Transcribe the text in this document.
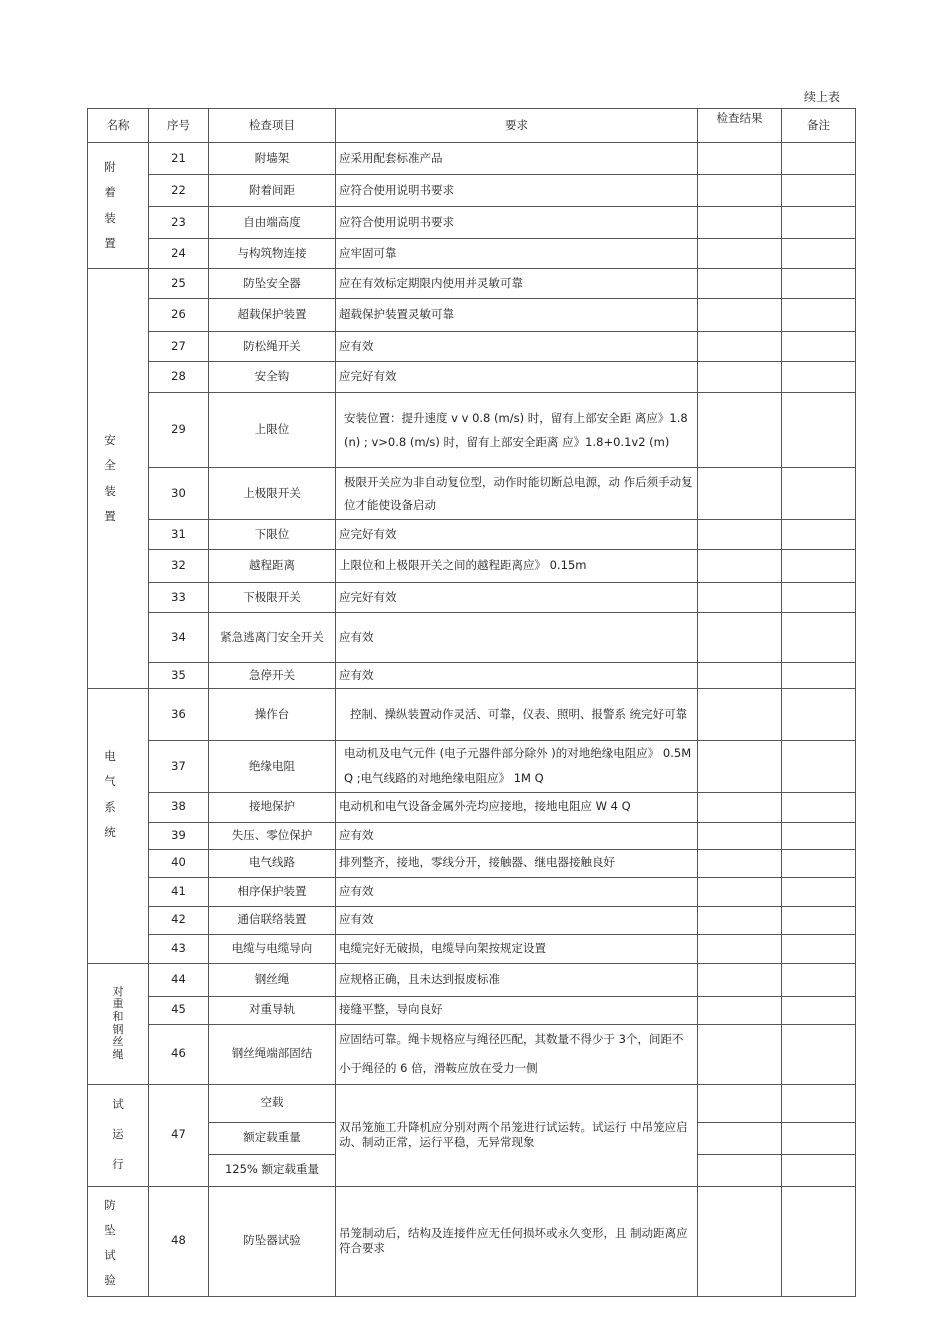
续上表
名称	序号	检查项目	要求	检查结果	备注
附着装置	21	附墙架	应采用配套标准产品		
	22	附着间距	应符合使用说明书要求		
	23	自由端高度	应符合使用说明书要求		
	24	与构筑物连接	应牢固可靠		
安全装置	25	防坠安全器	应在有效标定期限内使用并灵敏可靠		
	26	超载保护装置	超载保护装置灵敏可靠		
	27	防松绳开关	应有效		
	28	安全钩	应完好有效		
	29	上限位	安装位置：提升速度 v v 0.8 (m/s) 时，留有上部安全距 离应》1.8 (n) ; v>0.8 (m/s) 时，留有上部安全距离 应》1.8+0.1v2 (m)		
	30	上极限开关	极限开关应为非自动复位型，动作时能切断总电源，动 作后须手动复位才能使设备启动		
	31	下限位	应完好有效		
	32	越程距离	上限位和上极限开关之间的越程距离应》 0.15m		
	33	下极限开关	应完好有效		
	34	紧急逃离门安全开关	应有效		
	35	急停开关	应有效		
电气系统	36	操作台	控制、操纵装置动作灵活、可靠，仪表、照明、报警系 统完好可靠		
	37	绝缘电阻	电动机及电气元件 (电子元器件部分除外 )的对地绝缘电阻应》 0.5M Q ;电气线路的对地绝缘电阻应》 1M Q		
	38	接地保护	电动机和电气设备金属外壳均应接地，接地电阻应 W 4 Q		
	39	失压、零位保护	应有效		
	40	电气线路	排列整齐，接地，零线分开，接触器、继电器接触良好		
	41	相序保护装置	应有效		
	42	通信联络装置	应有效		
	43	电缆与电缆导向	电缆完好无破损，电缆导向架按规定设置		
对重和钢丝绳	44	钢丝绳	应规格正确，且未达到报废标准		
	45	对重导轨	接缝平整，导向良好		
	46	钢丝绳端部固结	应固结可靠。绳卡规格应与绳径匹配，其数量不得少于 3个，间距不小于绳径的 6 倍，滑鞍应放在受力一侧		
试运行	47	空载	双吊笼施工升降机应分别对两个吊笼进行试运转。试运行 中吊笼应启动、制动正常，运行平稳，无异常现象		
		额定载重量			
		125% 额定载重量			
防坠试验	48	防坠器试验	吊笼制动后，结构及连接件应无任何损坏或永久变形，且 制动距离应符合要求		
